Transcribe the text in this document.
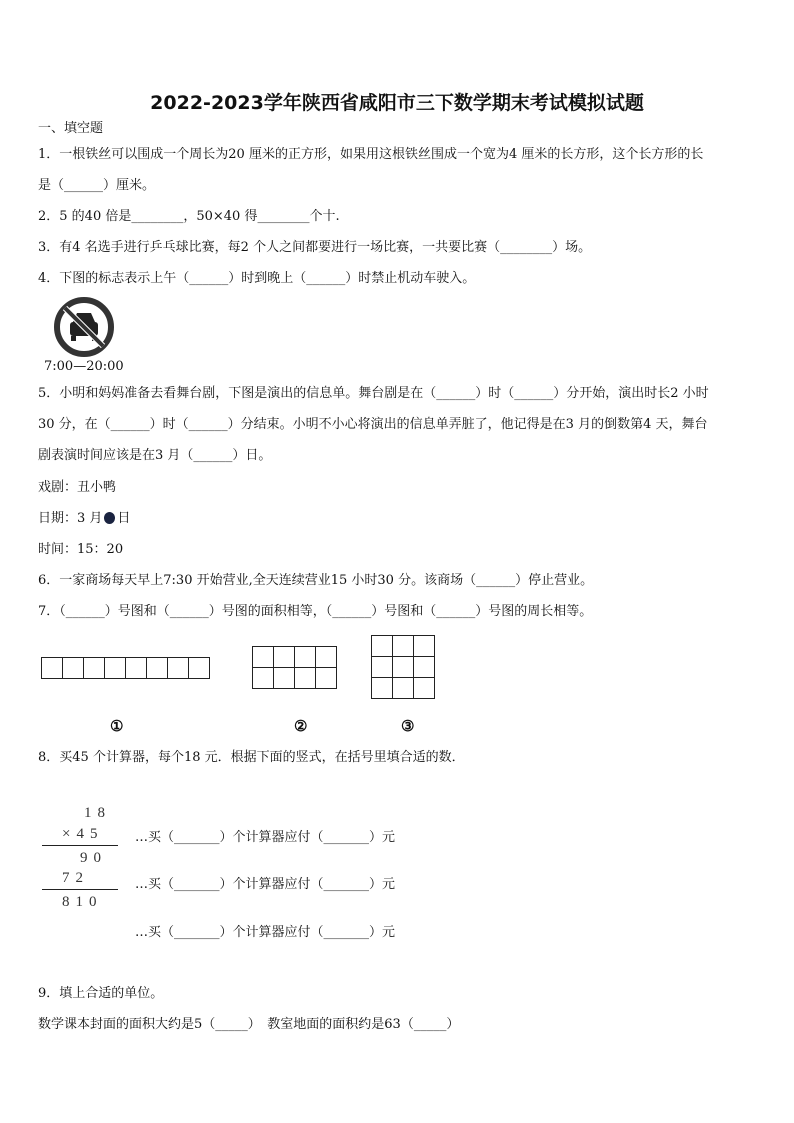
2022-2023学年陕西省咸阳市三下数学期末考试模拟试题
一、填空题
1．一根铁丝可以围成一个周长为20 厘米的正方形，如果用这根铁丝围成一个宽为4 厘米的长方形，这个长方形的长
是（______）厘米。
2．5 的40 倍是________，50×40 得________个十.
3．有4 名选手进行乒乓球比赛，每2 个人之间都要进行一场比赛，一共要比赛（________）场。
4．下图的标志表示上午（______）时到晚上（______）时禁止机动车驶入。
7:00—20:00
5．小明和妈妈准备去看舞台剧，下图是演出的信息单。舞台剧是在（______）时（______）分开始，演出时长2 小时
30 分，在（______）时（______）分结束。小明不小心将演出的信息单弄脏了，他记得是在3 月的倒数第4 天，舞台
剧表演时间应该是在3 月（______）日。
戏剧：丑小鸭
日期：3 月 日
时间：15：20
6．一家商场每天早上7:30 开始营业,全天连续营业15 小时30 分。该商场（______）停止营业。
7．（______）号图和（______）号图的面积相等，（______）号图和（______）号图的周长相等。
①	②	③
8．买45 个计算器，每个18 元．根据下面的竖式，在括号里填合适的数．
18
×45
90
72
810
…买（_______）个计算器应付（_______）元
…买（_______）个计算器应付（_______）元
…买（_______）个计算器应付（_______）元
9．填上合适的单位。
数学课本封面的面积大约是5（_____）　教室地面的面积约是63（_____）
